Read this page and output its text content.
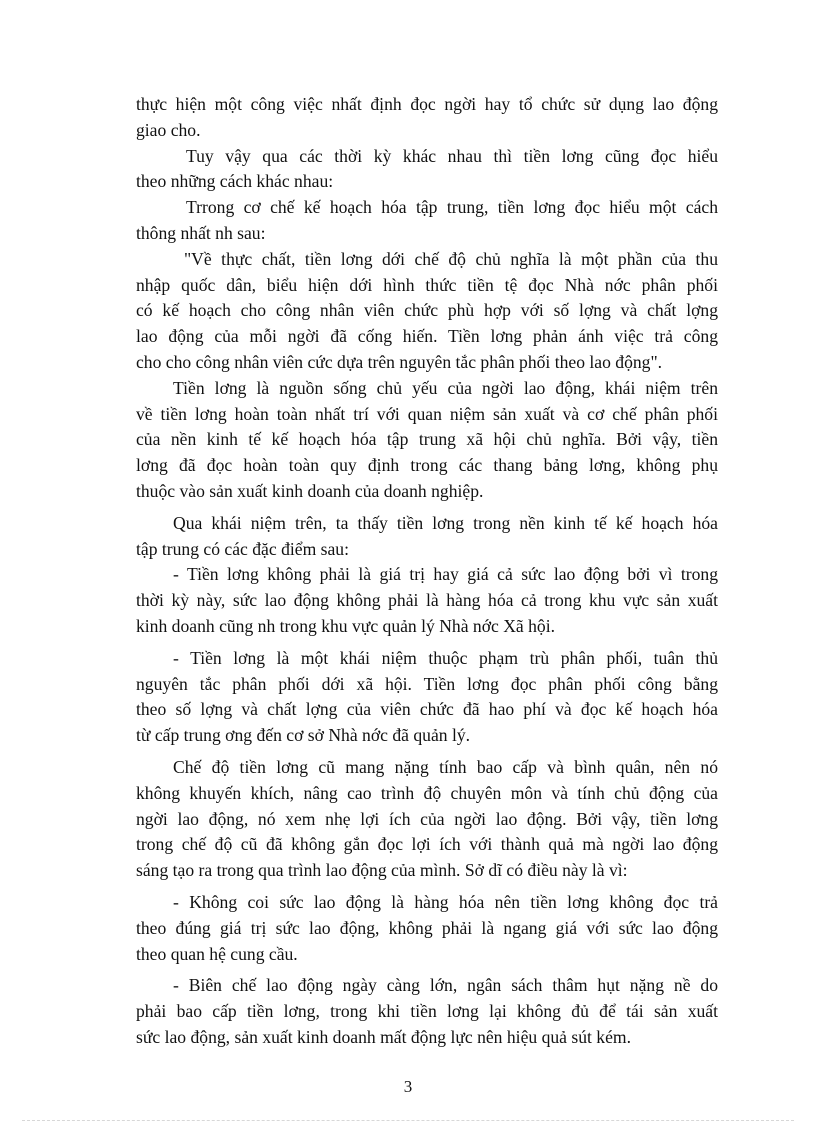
thực hiện một công việc nhất định đọc ngời hay tổ chức sử dụng lao động
giao cho.
Tuy vậy qua các thời kỳ khác nhau thì tiền lơng cũng đọc hiểu
theo những cách khác nhau:
Trrong cơ chế kế hoạch hóa tập trung, tiền lơng đọc hiểu một cách
thông nhất nh sau:
"Về thực chất, tiền lơng dới chế độ chủ nghĩa là một phần của thu
nhập quốc dân, biểu hiện dới hình thức tiền tệ đọc Nhà nớc phân phối
có kế hoạch cho công nhân viên chức phù hợp với số lợng và chất lợng
lao động của mỗi ngời đã cống hiến. Tiền lơng phản ánh việc trả công
cho cho công nhân viên cức dựa trên nguyên tắc phân phối theo lao động".
Tiền lơng là nguồn sống chủ yếu của ngời lao động, khái niệm trên
về tiền lơng hoàn toàn nhất trí với quan niệm sản xuất và cơ chế phân phối
của nền kinh tế kế hoạch hóa tập trung xã hội chủ nghĩa. Bởi vậy, tiền
lơng đã đọc hoàn toàn quy định trong các thang bảng lơng, không phụ
thuộc vào sản xuất kinh doanh của doanh nghiệp.
Qua khái niệm trên, ta thấy tiền lơng trong nền kinh tế kế hoạch hóa
tập trung có các đặc điểm sau:
- Tiền lơng không phải là giá trị hay giá cả sức lao động bởi vì trong
thời kỳ này, sức lao động không phải là hàng hóa cả trong khu vực sản xuất
kinh doanh cũng nh trong khu vực quản lý Nhà nớc Xã hội.
- Tiền lơng là một khái niệm thuộc phạm trù phân phối, tuân thủ
nguyên tắc phân phối dới xã hội. Tiền lơng đọc phân phối công bằng
theo số lợng và chất lợng của viên chức đã hao phí và đọc kế hoạch hóa
từ cấp trung ơng đến cơ sở Nhà nớc đã quản lý.
Chế độ tiền lơng cũ mang nặng tính bao cấp và bình quân, nên nó
không khuyến khích, nâng cao trình độ chuyên môn và tính chủ động của
ngời lao động, nó xem nhẹ lợi ích của ngời lao động. Bởi vậy, tiền lơng
trong chế độ cũ đã không gắn đọc lợi ích với thành quả mà ngời lao động
sáng tạo ra trong qua trình lao động của mình. Sở dĩ có điều này là vì:
- Không coi sức lao động là hàng hóa nên tiền lơng không đọc trả
theo đúng giá trị sức lao động, không phải là ngang giá với sức lao động
theo quan hệ cung cầu.
- Biên chế lao động ngày càng lớn, ngân sách thâm hụt nặng nề do
phải bao cấp tiền lơng, trong khi tiền lơng lại không đủ để tái sản xuất
sức lao động, sản xuất kinh doanh mất động lực nên hiệu quả sút kém.
3
